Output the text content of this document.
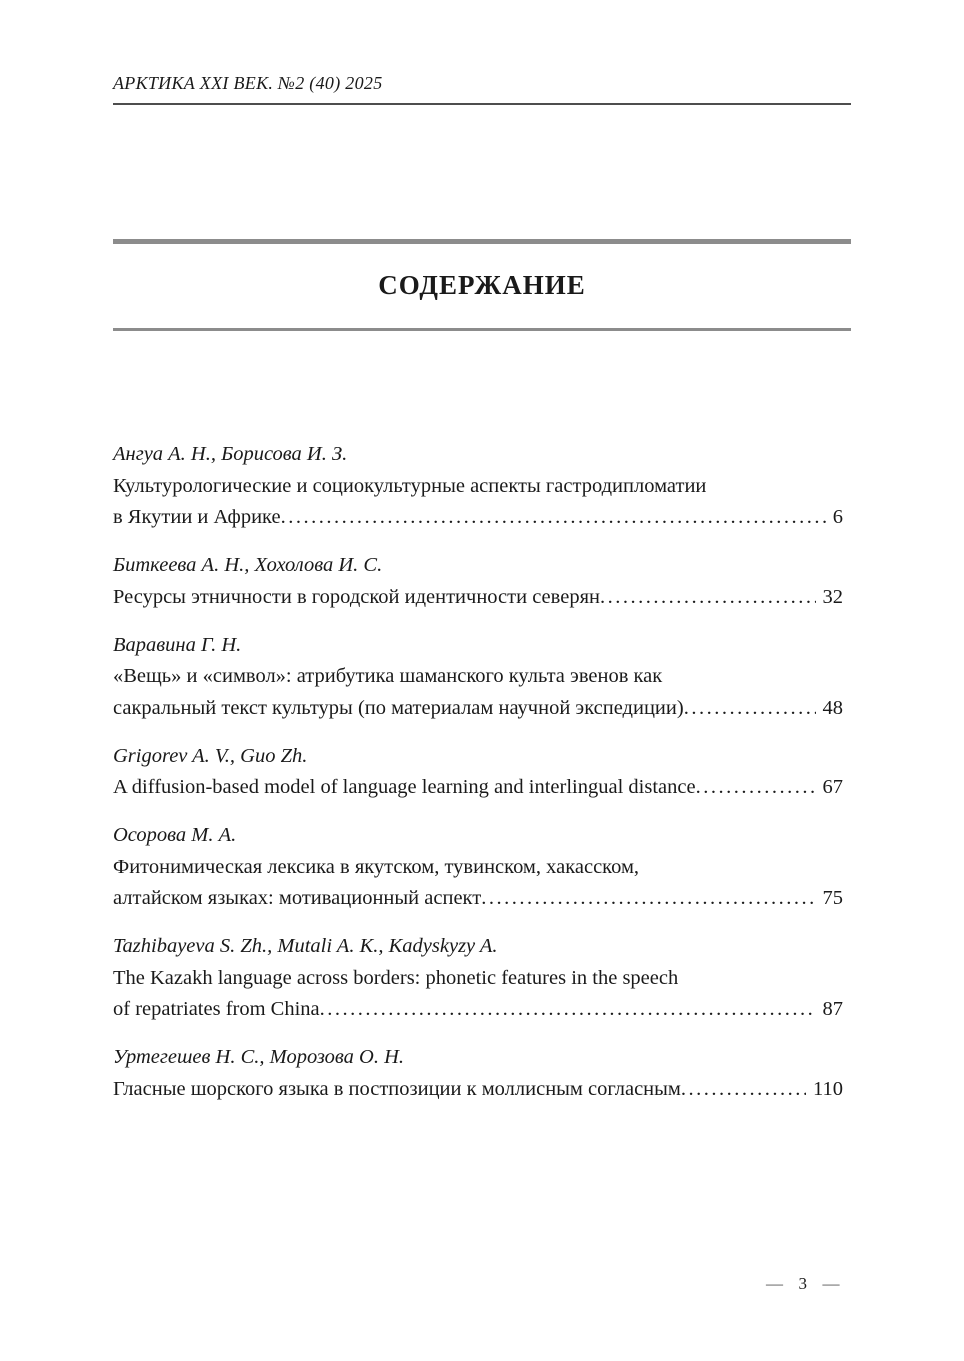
АРКТИКА XXI ВЕК. №2 (40) 2025
СОДЕРЖАНИЕ
Ангуа А. Н., Борисова И. З.
Культурологические и социокультурные аспекты гастродипломатии
в Якутии и Африке .....	6
Биткеева А. Н., Хохолова И. С.
Ресурсы этничности в городской идентичности северян .....	32
Варавина Г. Н.
«Вещь» и «символ»: атрибутика шаманского культа эвенов как
сакральный текст культуры (по материалам научной экспедиции) .....	48
Grigorev A. V., Guo Zh.
A diffusion-based model of language learning and interlingual distance .....	67
Осорова М. А.
Фитонимическая лексика в якутском, тувинском, хакасском,
алтайском языках: мотивационный аспект .....	75
Tazhibayeva S. Zh., Mutali A. K., Kadyskyzy A.
The Kazakh language across borders: phonetic features in the speech
of repatriates from China .....	87
Уртегешев Н. С., Морозова О. Н.
Гласные шорского языка в постпозиции к моллисным согласным .....	110
— 3 —
